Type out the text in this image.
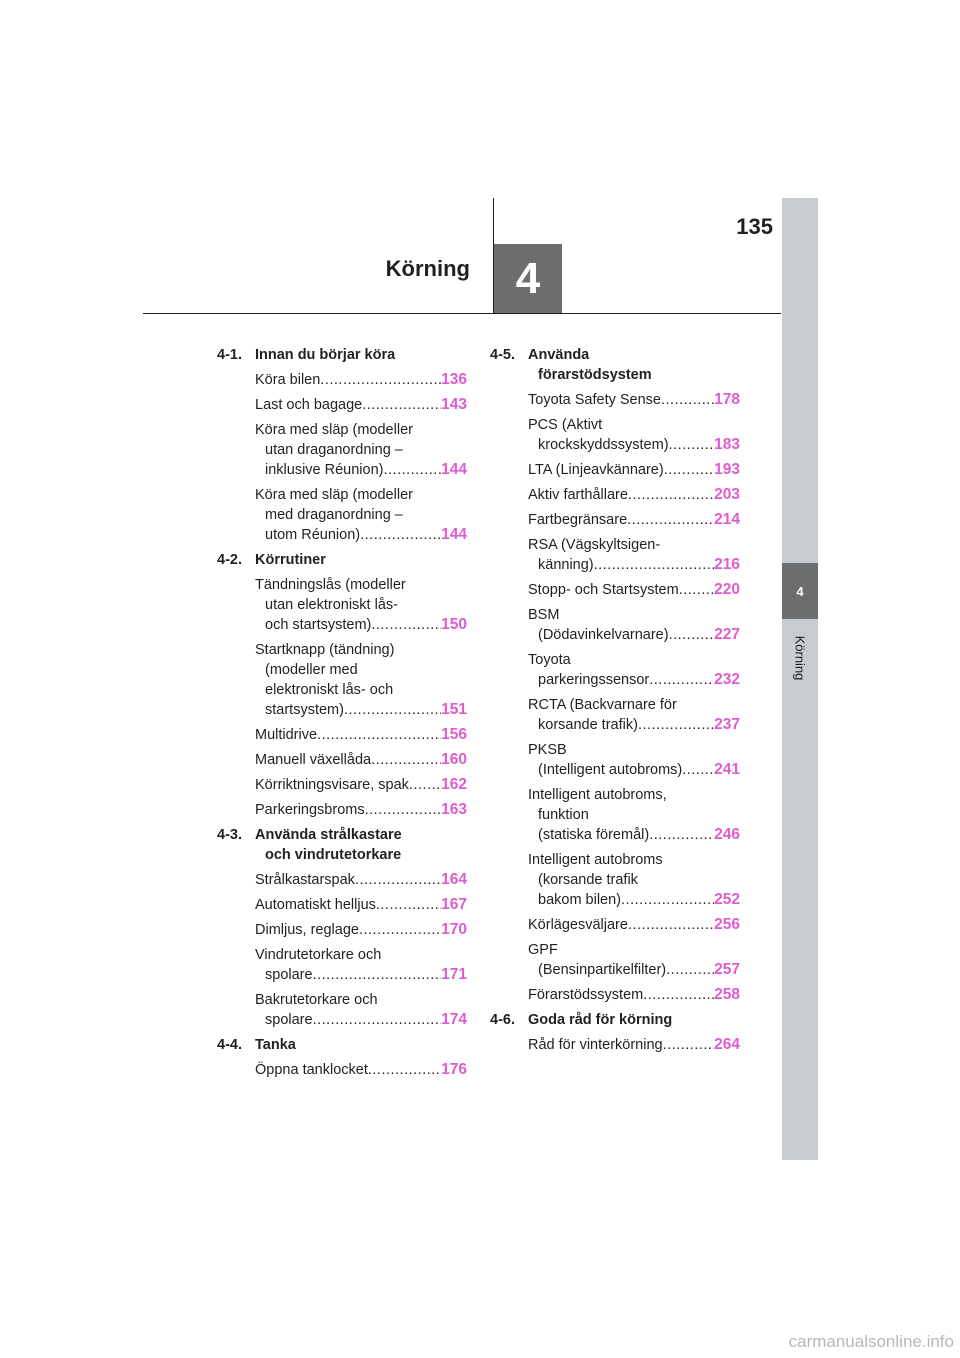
Körning	4
135
4
Körning
4-1. Innan du börjar köra
Köra bilen .....	136
Last och bagage .....	143
Köra med släp (modeller
utan draganordning –
inklusive Réunion) .....	144
Köra med släp (modeller
med draganordning –
utom Réunion) .....	144
4-2. Körrutiner
Tändningslås (modeller
utan elektroniskt lås-
och startsystem) .....	150
Startknapp (tändning)
(modeller med
elektroniskt lås- och
startsystem) .....	151
Multidrive .....	156
Manuell växellåda .....	160
Körriktningsvisare, spak ..... 162
Parkeringsbroms .....	163
4-3. Använda strålkastare
och vindrutetorkare
Strålkastarspak .....	164
Automatiskt helljus .....	167
Dimljus, reglage .....	170
Vindrutetorkare och
spolare .....	171
Bakrutetorkare och
spolare .....	174
4-4. Tanka
Öppna tanklocket .....	176
4-5. Använda
förarstödsystem
Toyota Safety Sense .....	178
PCS (Aktivt
krockskyddssystem) .....	183
LTA (Linjeavkännare) .....	193
Aktiv farthållare .....	203
Fartbegränsare .....	214
RSA (Vägskyltsigen-
känning) .....	216
Stopp- och Startsystem ..... 220
BSM
(Dödavinkelvarnare) .....	227
Toyota
parkeringssensor .....	232
RCTA (Backvarnare för
korsande trafik) .....	237
PKSB
(Intelligent autobroms) ..... 241
Intelligent autobroms,
funktion
(statiska föremål) .....	246
Intelligent autobroms
(korsande trafik
bakom bilen) .....	252
Körlägesväljare .....	256
GPF
(Bensinpartikelfilter) .....	257
Förarstödssystem .....	258
4-6. Goda råd för körning
Råd för vinterkörning .....	264
carmanualsonline.info
